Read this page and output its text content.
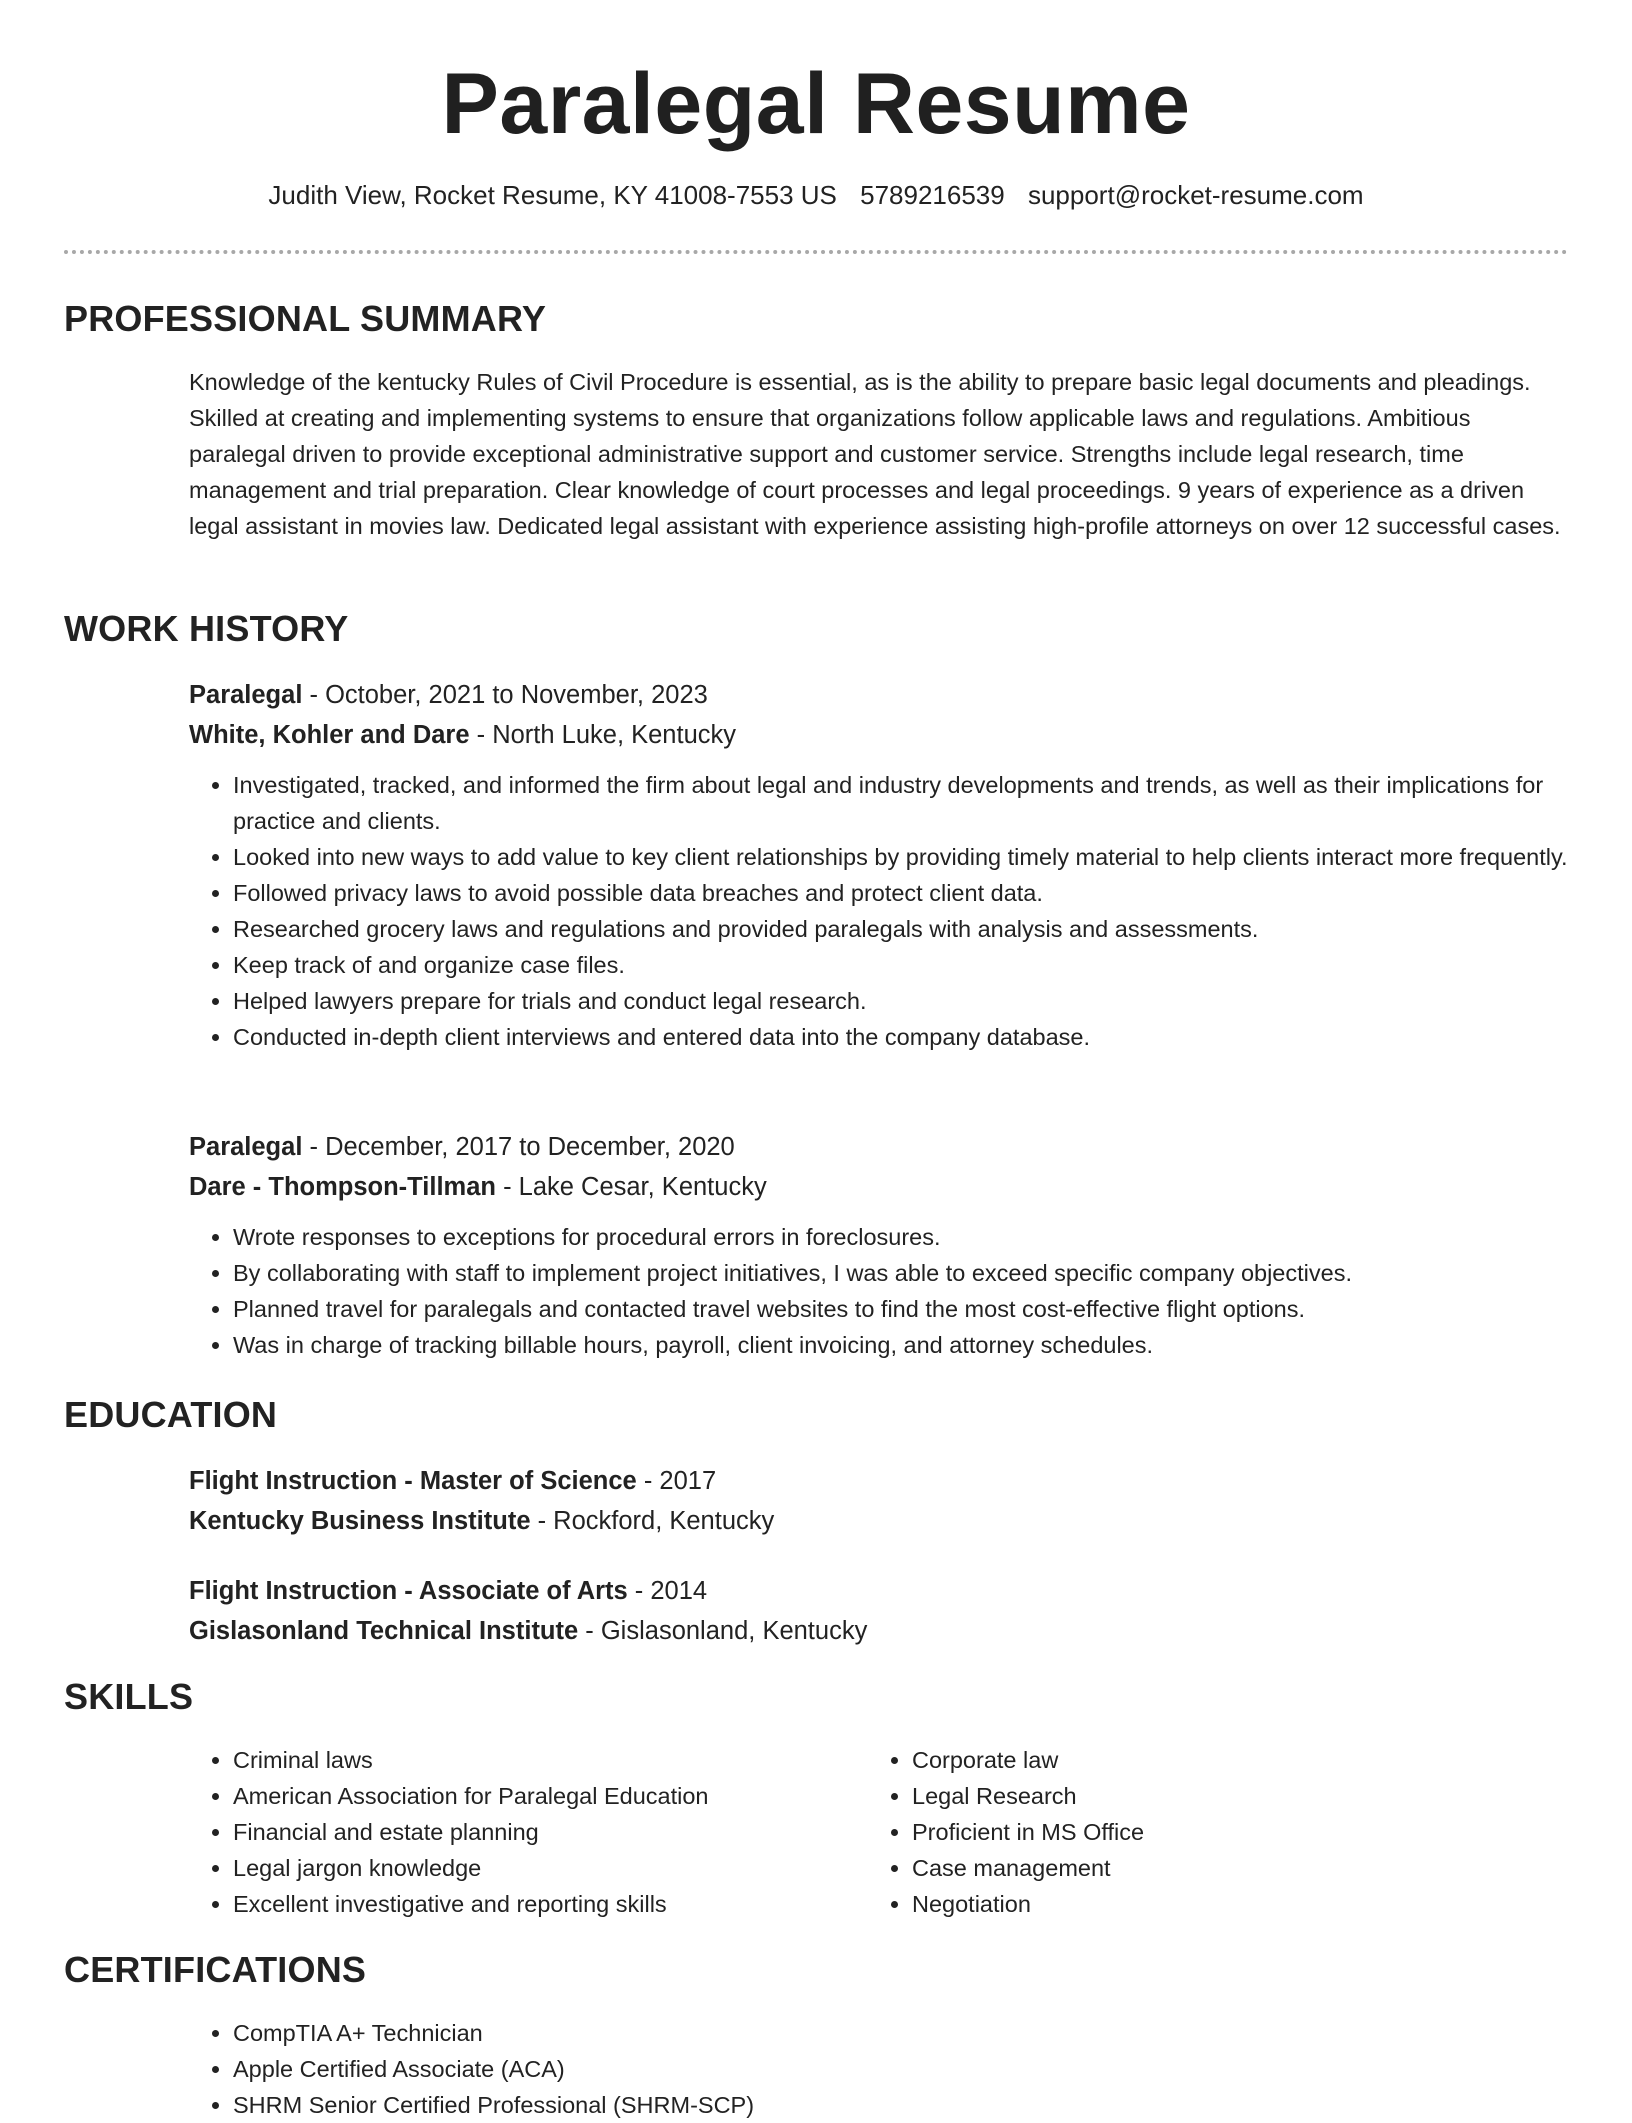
Paralegal Resume
Judith View, Rocket Resume, KY 41008-7553 US 5789216539 support@rocket-resume.com
PROFESSIONAL SUMMARY

Knowledge of the kentucky Rules of Civil Procedure is essential, as is the ability to prepare basic legal documents and pleadings. Skilled at creating and implementing systems to ensure that organizations follow applicable laws and regulations. Ambitious paralegal driven to provide exceptional administrative support and customer service. Strengths include legal research, time management and trial preparation. Clear knowledge of court processes and legal proceedings. 9 years of experience as a driven legal assistant in movies law. Dedicated legal assistant with experience assisting high-profile attorneys on over 12 successful cases.

WORK HISTORY
Paralegal - October, 2021 to November, 2023
White, Kohler and Dare - North Luke, Kentucky
• Investigated, tracked, and informed the firm about legal and industry developments and trends, as well as their implications for practice and clients.
• Looked into new ways to add value to key client relationships by providing timely material to help clients interact more frequently.
• Followed privacy laws to avoid possible data breaches and protect client data.
• Researched grocery laws and regulations and provided paralegals with analysis and assessments.
• Keep track of and organize case files.
• Helped lawyers prepare for trials and conduct legal research.
• Conducted in-depth client interviews and entered data into the company database.
Paralegal - December, 2017 to December, 2020
Dare - Thompson-Tillman - Lake Cesar, Kentucky
• Wrote responses to exceptions for procedural errors in foreclosures.
• By collaborating with staff to implement project initiatives, I was able to exceed specific company objectives.
• Planned travel for paralegals and contacted travel websites to find the most cost-effective flight options.
• Was in charge of tracking billable hours, payroll, client invoicing, and attorney schedules.
EDUCATION
Flight Instruction - Master of Science - 2017
Kentucky Business Institute - Rockford, Kentucky
Flight Instruction - Associate of Arts - 2014
Gislasonland Technical Institute - Gislasonland, Kentucky
SKILLS
• Criminal laws
• American Association for Paralegal Education
• Financial and estate planning
• Legal jargon knowledge
• Excellent investigative and reporting skills
• Corporate law
• Legal Research
• Proficient in MS Office
• Case management
• Negotiation
CERTIFICATIONS
• CompTIA A+ Technician
• Apple Certified Associate (ACA)
• SHRM Senior Certified Professional (SHRM-SCP)
